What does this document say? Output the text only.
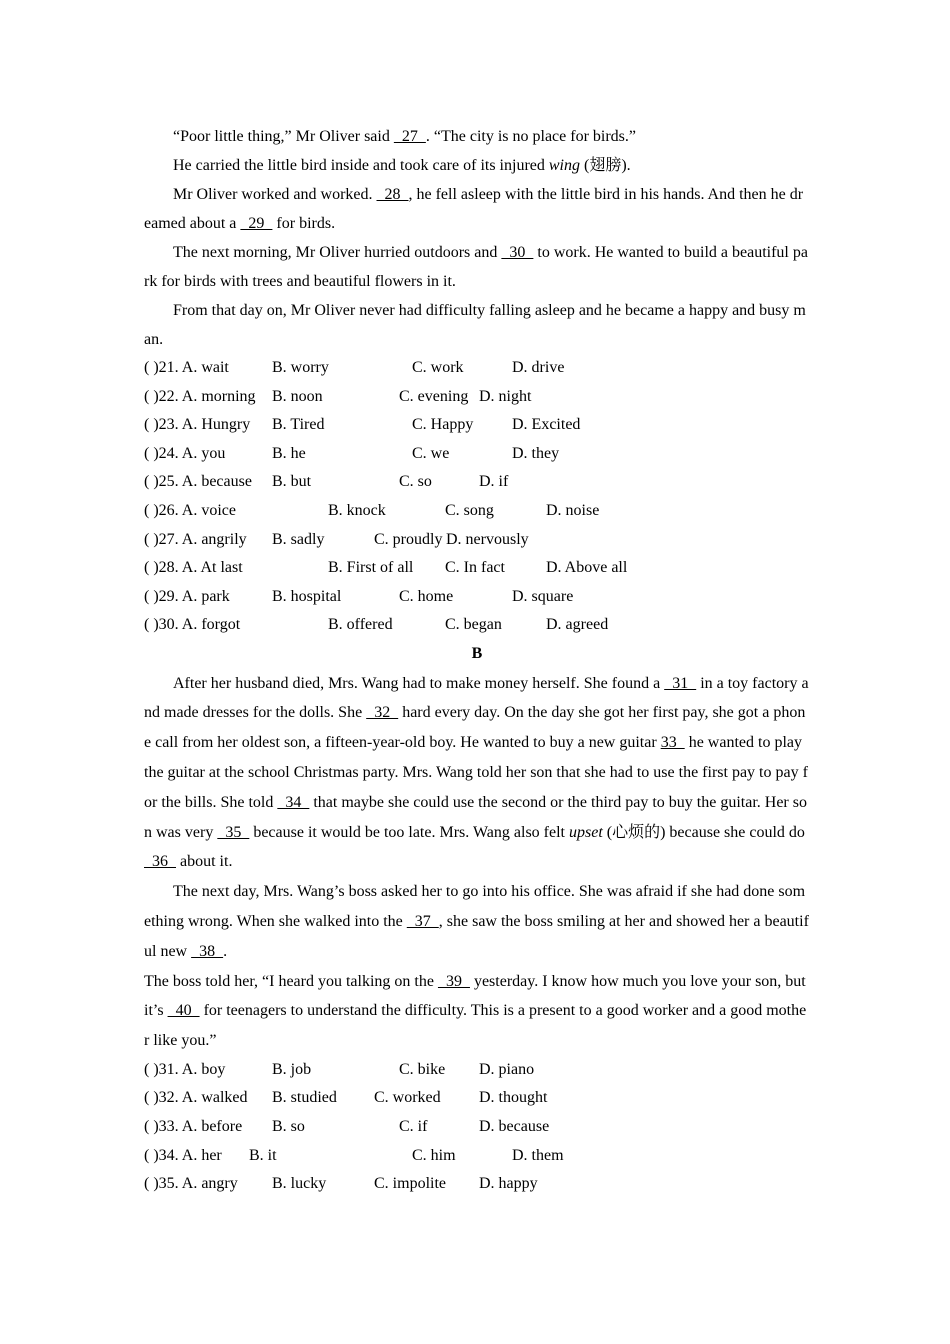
“Poor little thing,” Mr Oliver said   27  . “The city is no place for birds.”

He carried the little bird inside and took care of its injured wing (翅膀).

Mr Oliver worked and worked.   28  , he fell asleep with the little bird in his hands. And then he dreamed about a   29   for birds.

The next morning, Mr Oliver hurried outdoors and   30   to work. He wanted to build a beautiful park for birds with trees and beautiful flowers in it.

From that day on, Mr Oliver never had difficulty falling asleep and he became a happy and busy man.

( )21. A. wait	B. worry	C. work	D. drive
( )22. A. morning B. noon	C. evening D. night
( )23. A. Hungry B. Tired	C. Happy D. Excited
( )24. A. you	B. he	C. we	D. they
( )25. A. because B. but	C. so	D. if
( )26. A. voice	B. knock	C. song	D. noise
( )27. A. angrily B. sadly	C. proudly D. nervously
( )28. A. At last	B. First of all C. In fact	D. Above all
( )29. A. park	B. hospital	C. home	D. square
( )30. A. forgot	B. offered	C. began	D. agreed
B

After her husband died, Mrs. Wang had to make money herself. She found a   31   in a toy factory and made dresses for the dolls. She   32   hard every day. On the day she got her first pay, she got a phone call from her oldest son, a fifteen-year-old boy. He wanted to buy a new guitar 33   he wanted to play the guitar at the school Christmas party. Mrs. Wang told her son that she had to use the first pay to pay for the bills. She told   34   that maybe she could use the second or the third pay to buy the guitar. Her son was very   35   because it would be too late. Mrs. Wang also felt upset (心烦的) because she could do   36   about it.

The next day, Mrs. Wang’s boss asked her to go into his office. She was afraid if she had done something wrong. When she walked into the   37  , she saw the boss smiling at her and showed her a beautiful new   38  .

The boss told her, “I heard you talking on the   39   yesterday. I know how much you love your son, but it’s   40   for teenagers to understand the difficulty. This is a present to a good worker and a good mother like you.”

( )31. A. boy	B. job	C. bike D. piano
( )32. A. walked B. studied C. worked D. thought
( )33. A. before B. so	C. if	D. because
( )34. A. her B. it	C. him	D. them
( )35. A. angry B. lucky	C. impolite D. happy
